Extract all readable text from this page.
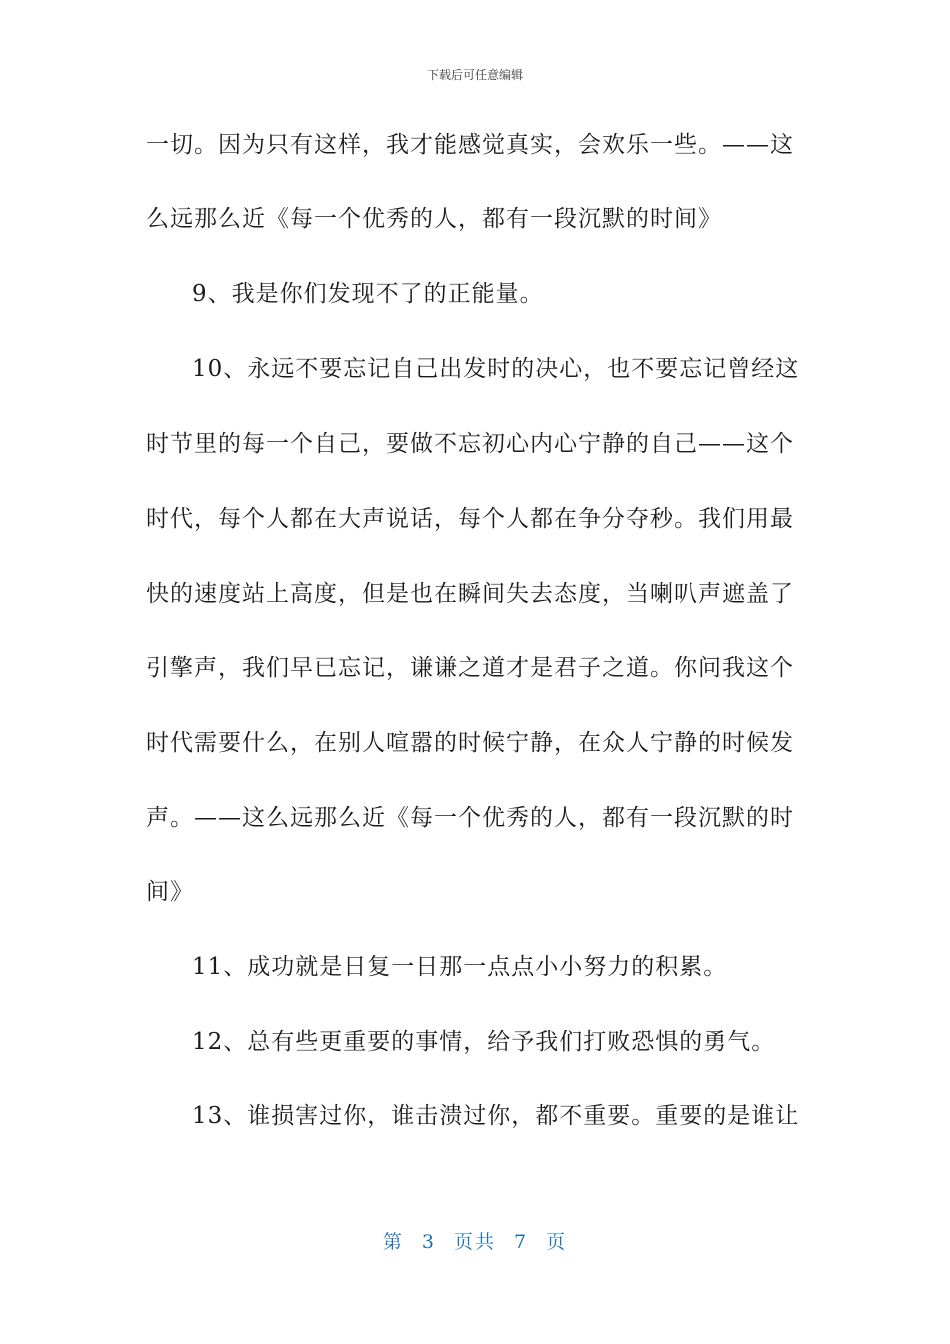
下载后可任意编辑
一切。因为只有这样，我才能感觉真实，会欢乐一些。——这
么远那么近《每一个优秀的人，都有一段沉默的时间》
9、我是你们发现不了的正能量。
10、永远不要忘记自己出发时的决心，也不要忘记曾经这
时节里的每一个自己，要做不忘初心内心宁静的自己——这个
时代，每个人都在大声说话，每个人都在争分夺秒。我们用最
快的速度站上高度，但是也在瞬间失去态度，当喇叭声遮盖了
引擎声，我们早已忘记，谦谦之道才是君子之道。你问我这个
时代需要什么，在别人喧嚣的时候宁静，在众人宁静的时候发
声。——这么远那么近《每一个优秀的人，都有一段沉默的时
间》
11、成功就是日复一日那一点点小小努力的积累。
12、总有些更重要的事情，给予我们打败恐惧的勇气。
13、谁损害过你，谁击溃过你，都不重要。重要的是谁让
第 3 页共 7 页
